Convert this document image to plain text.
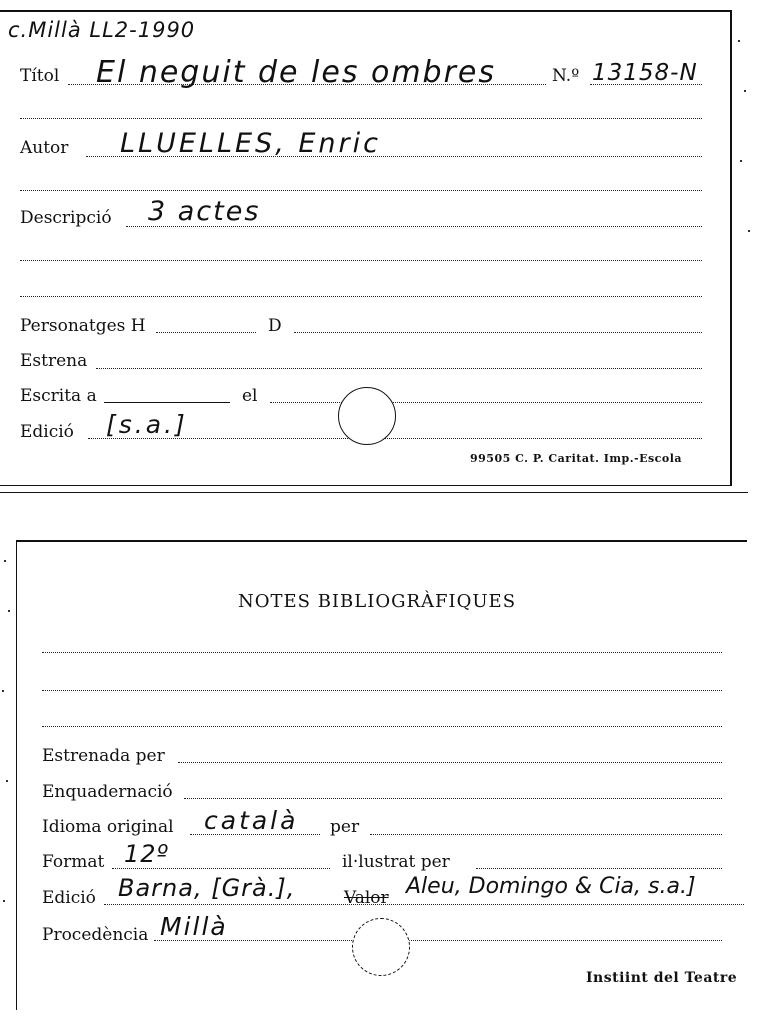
c.Millà LL2-1990
Títol El neguit de les ombres	N.º 13158-N
Autor LLUELLES, Enric
Descripció 3 actes
Personatges H	D
Estrena
Escrita a	el
Edició [s.a.]
99505 C. P. Caritat. Imp.-Escola
NOTES BIBLIOGRÀFIQUES
Estrenada per
Enquadernació
Idioma original català per
Format 12º	il·lustrat per
Edició Barna, [Grà.],	Valor Aleu, Domingo & Cia, s.a.]
Procedència Millà
Instiint del Teatre
